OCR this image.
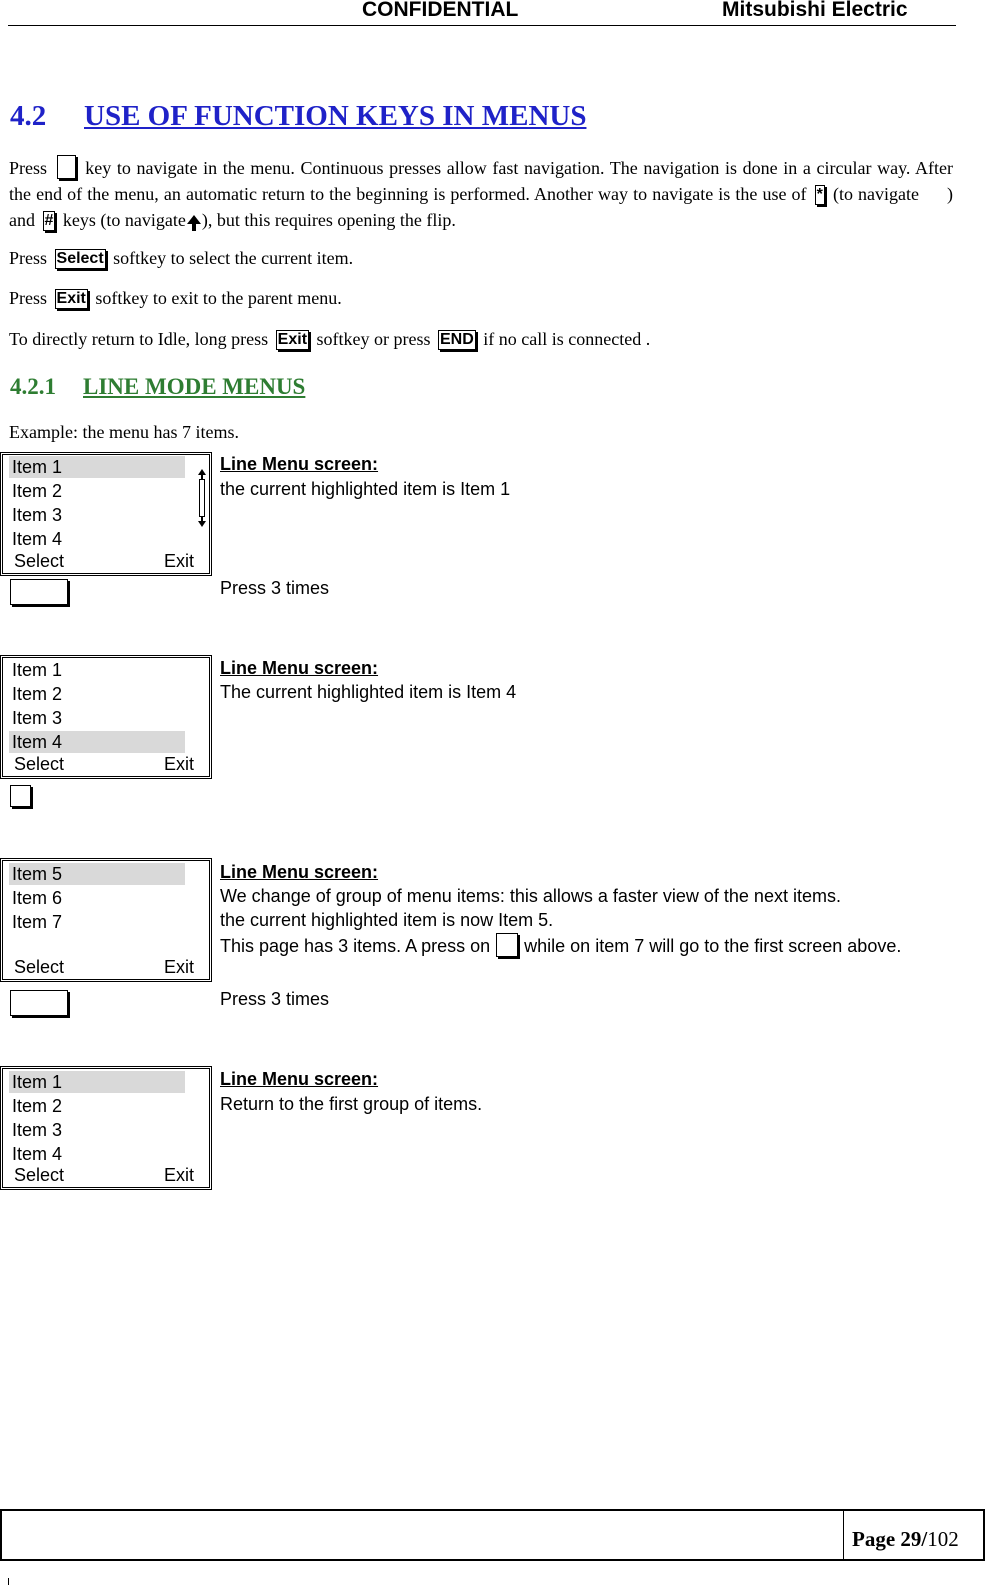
CONFIDENTIAL	Mitsubishi Electric
4.2 USE OF FUNCTION KEYS IN MENUS
Press key to navigate in the menu. Continuous presses allow fast navigation. The navigation is done in a circular way. After the end of the menu, an automatic return to the beginning is performed. Another way to navigate is the use of * (to navigate ) and # keys (to navigate ), but this requires opening the flip.
Press Select softkey to select the current item.
Press Exit softkey to exit to the parent menu.
To directly return to Idle, long press Exit softkey or press END if no call is connected .
4.2.1 LINE MODE MENUS
Example: the menu has 7 items.
Item 1
Item 2
Item 3
Item 4
Select	Exit
Line Menu screen:
the current highlighted item is Item 1
Press 3 times
Item 1
Item 2
Item 3
Item 4
Select	Exit
Line Menu screen:
The current highlighted item is Item 4
Item 5
Item 6
Item 7
Select	Exit
Line Menu screen:
We change of group of menu items: this allows a faster view of the next items.
the current highlighted item is now Item 5.
This page has 3 items. A press on while on item 7 will go to the first screen above.
Press 3 times
Item 1
Item 2
Item 3
Item 4
Select	Exit
Line Menu screen:
Return to the first group of items.
Page 29/102
